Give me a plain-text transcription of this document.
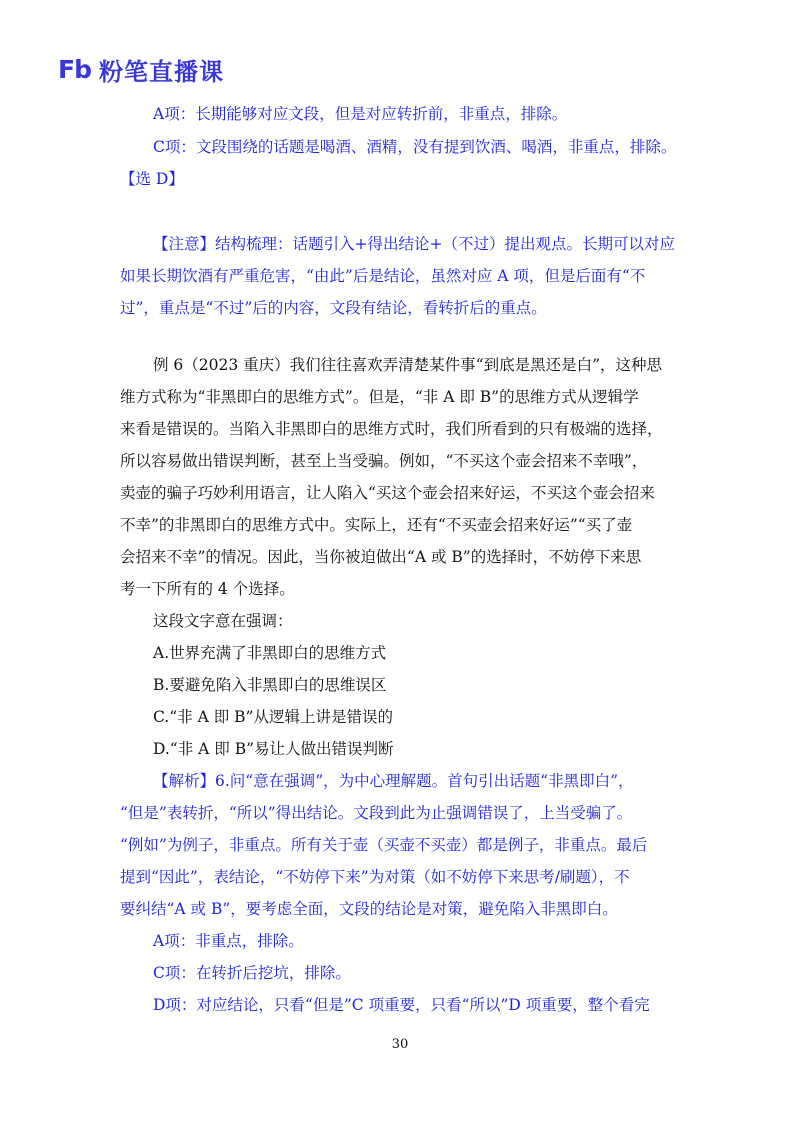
Fb 粉笔直播课
A项：长期能够对应文段，但是对应转折前，非重点，排除。
C项：文段围绕的话题是喝酒、酒精，没有提到饮酒、喝酒，非重点，排除。
【选 D】
【注意】结构梳理：话题引入+得出结论+（不过）提出观点。长期可以对应
如果长期饮酒有严重危害，“由此”后是结论，虽然对应 A 项，但是后面有“不
过”，重点是“不过”后的内容，文段有结论，看转折后的重点。
例 6（2023 重庆）我们往往喜欢弄清楚某件事“到底是黑还是白”，这种思
维方式称为“非黑即白的思维方式”。但是，“非 A 即 B”的思维方式从逻辑学
来看是错误的。当陷入非黑即白的思维方式时，我们所看到的只有极端的选择，
所以容易做出错误判断，甚至上当受骗。例如，“不买这个壶会招来不幸哦”，
卖壶的骗子巧妙利用语言，让人陷入“买这个壶会招来好运，不买这个壶会招来
不幸”的非黑即白的思维方式中。实际上，还有“不买壶会招来好运”“买了壶
会招来不幸”的情况。因此，当你被迫做出“A 或 B”的选择时，不妨停下来思
考一下所有的 4 个选择。
这段文字意在强调：
A.世界充满了非黑即白的思维方式
B.要避免陷入非黑即白的思维误区
C.“非 A 即 B”从逻辑上讲是错误的
D.“非 A 即 B”易让人做出错误判断
【解析】6.问“意在强调”，为中心理解题。首句引出话题“非黑即白”，
“但是”表转折，“所以”得出结论。文段到此为止强调错误了，上当受骗了。
“例如”为例子，非重点。所有关于壶（买壶不买壶）都是例子，非重点。最后
提到“因此”，表结论，“不妨停下来”为对策（如不妨停下来思考/刷题），不
要纠结“A 或 B”，要考虑全面，文段的结论是对策，避免陷入非黑即白。
A项：非重点，排除。
C项：在转折后挖坑，排除。
D项：对应结论，只看“但是”C 项重要，只看“所以”D 项重要，整个看完
30
